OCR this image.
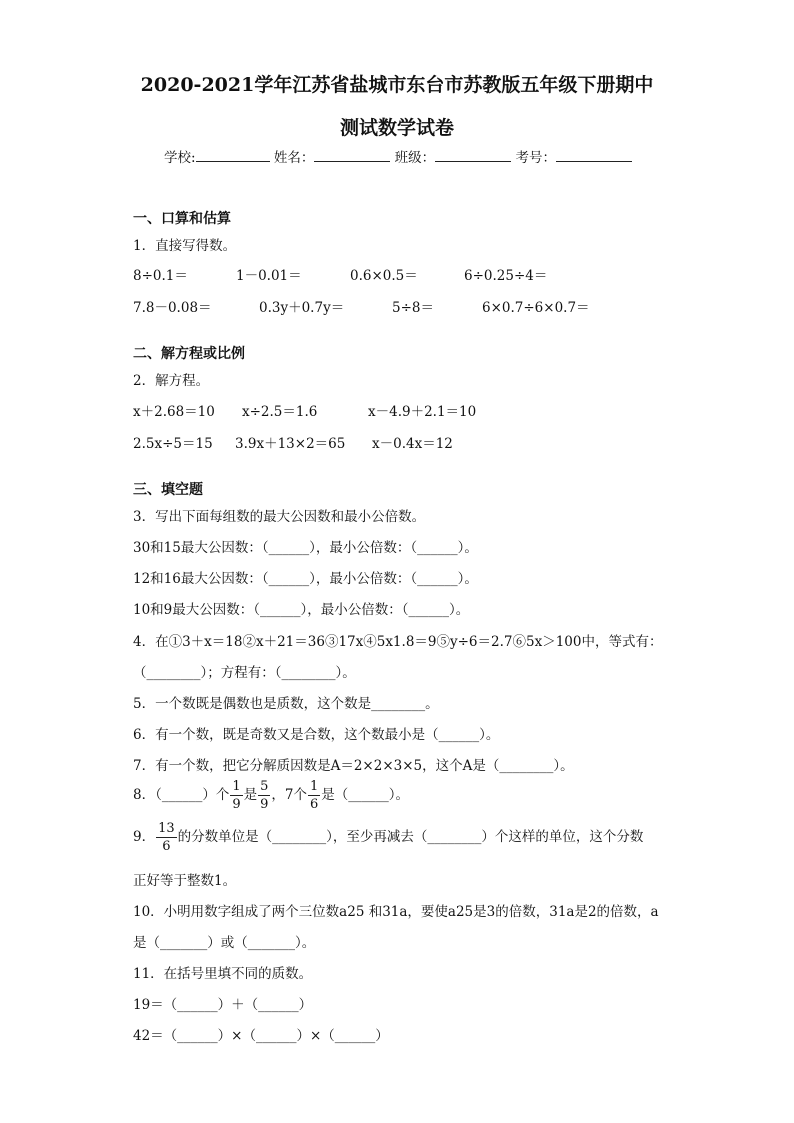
2020-2021学年江苏省盐城市东台市苏教版五年级下册期中
测试数学试卷
学校:	姓名：	班级：	考号：
一、口算和估算
1．直接写得数。
8÷0.1＝	1－0.01＝	0.6×0.5＝	6÷0.25÷4＝
7.8－0.08＝	0.3y＋0.7y＝	5÷8＝	6×0.7÷6×0.7＝
二、解方程或比例
2．解方程。
x＋2.68＝10 x÷2.5＝1.6	x－4.9＋2.1＝10
2.5x÷5＝15 3.9x＋13×2＝65 x－0.4x＝12
三、填空题
3．写出下面每组数的最大公因数和最小公倍数。
30和15最大公因数：（______），最小公倍数：（______）。
12和16最大公因数：（______），最小公倍数：（______）。
10和9最大公因数：（______），最小公倍数：（______）。
4．在①3＋x＝18②x＋21＝36③17x④5x1.8＝9⑤y÷6＝2.7⑥5x＞100中，等式有：
（________）；方程有：（________）。
5．一个数既是偶数也是质数，这个数是________。
6．有一个数，既是奇数又是合数，这个数最小是（______）。
7．有一个数，把它分解质因数是A＝2×2×3×5，这个A是（________）。
8．（______）个 $\frac{1}{9}$ 是 $\frac{5}{9}$ ，7个 $\frac{1}{6}$ 是（______）。
9． $\frac{13}{6}$ 的分数单位是（________），至少再减去（________）个这样的单位，这个分数
正好等于整数1。
10．小明用数字组成了两个三位数a25 和31a，要使a25是3的倍数，31a是2的倍数，a
是（_______）或（_______）。
11．在括号里填不同的质数。
19＝（______）＋（______）
42＝（______）×（______）×（______）
